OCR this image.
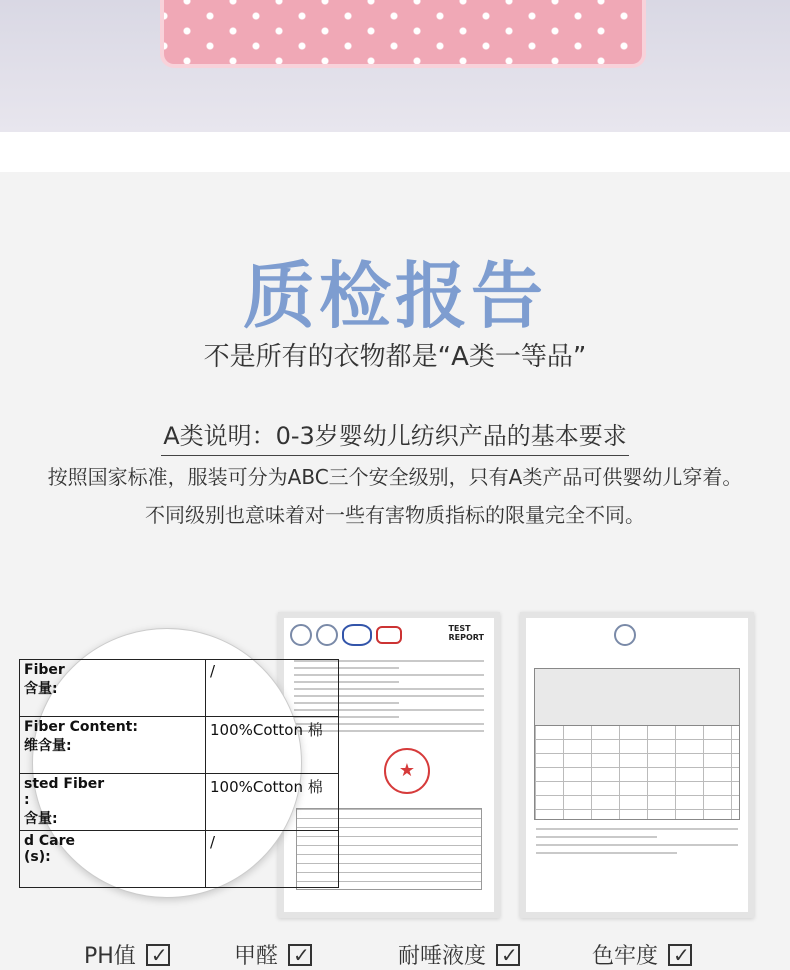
质检报告

不是所有的衣物都是“A类一等品”

A类说明：0-3岁婴幼儿纺织产品的基本要求

按照国家标准，服装可分为ABC三个安全级别，只有A类产品可供婴幼儿穿着。不同级别也意味着对一些有害物质指标的限量完全不同。

TEST
REPORT
★
Fiber
含量:	/
Fiber Content:
维含量:	100%Cotton 棉
sted Fiber
:
含量:	100%Cotton 棉
d Care
(s):	/
PH值 ✓	甲醛 ✓	耐唾液度 ✓	色牢度✓
